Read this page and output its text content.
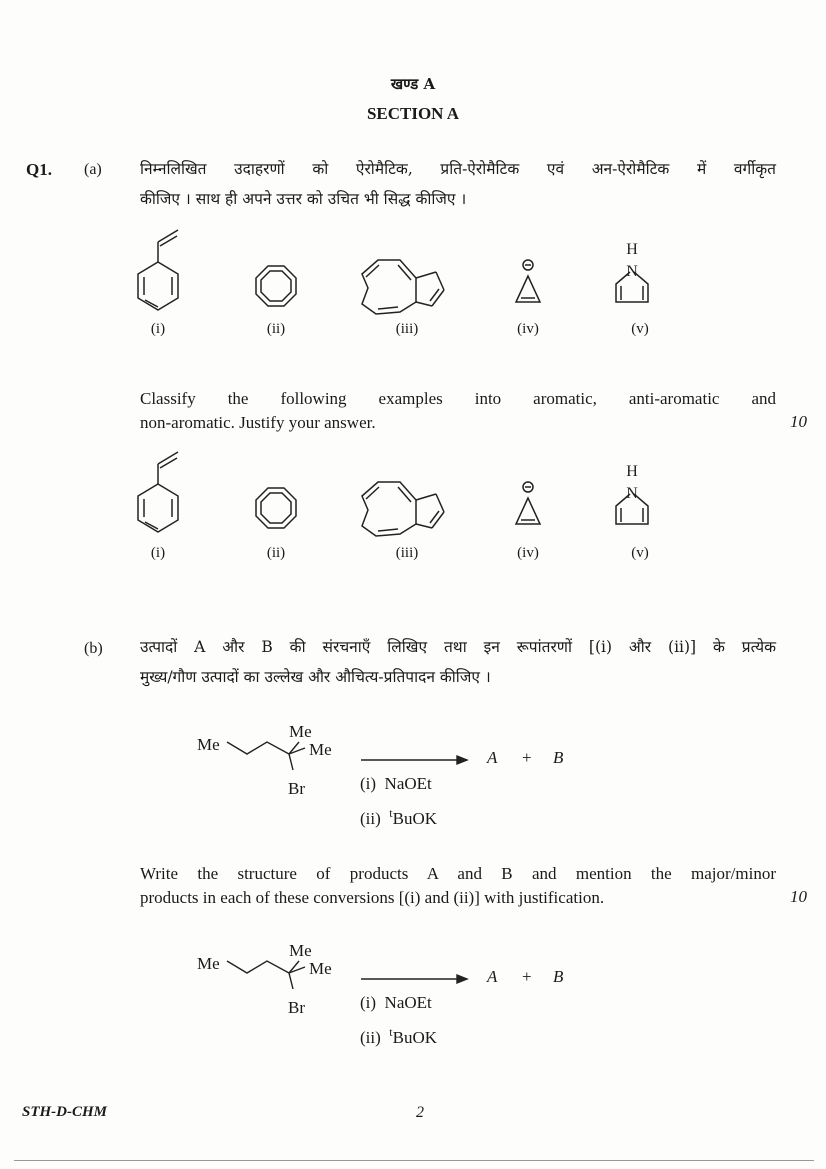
खण्ड A
SECTION A
Q1. (a) निम्नलिखित उदाहरणों को ऐरोमैटिक, प्रति-ऐरोमैटिक एवं अन-ऐरोमैटिक में वर्गीकृत
कीजिए । साथ ही अपने उत्तर को उचित भी सिद्ध कीजिए ।
H
N
(i)	(ii)	(iii)	(iv)	(v)
Classify the following examples into aromatic, anti-aromatic and
non-aromatic. Justify your answer.	10
H
N
(i)	(ii)	(iii)	(iv)	(v)
(b) उत्पादों A और B की संरचनाएँ लिखिए तथा इन रूपांतरणों [(i) और (ii)] के प्रत्येक
मुख्य/गौण उत्पादों का उल्लेख और औचित्य-प्रतिपादन कीजिए ।
Me
Me
Me
Br
A + B
(i)  NaOEt
(ii)  $^t$BuOK
Write the structure of products A and B and mention the major/minor
products in each of these conversions [(i) and (ii)] with justification.	10
Me
Me
Me
Br
A + B
(i)  NaOEt
(ii)  $^t$BuOK
STH-D-CHM	2
